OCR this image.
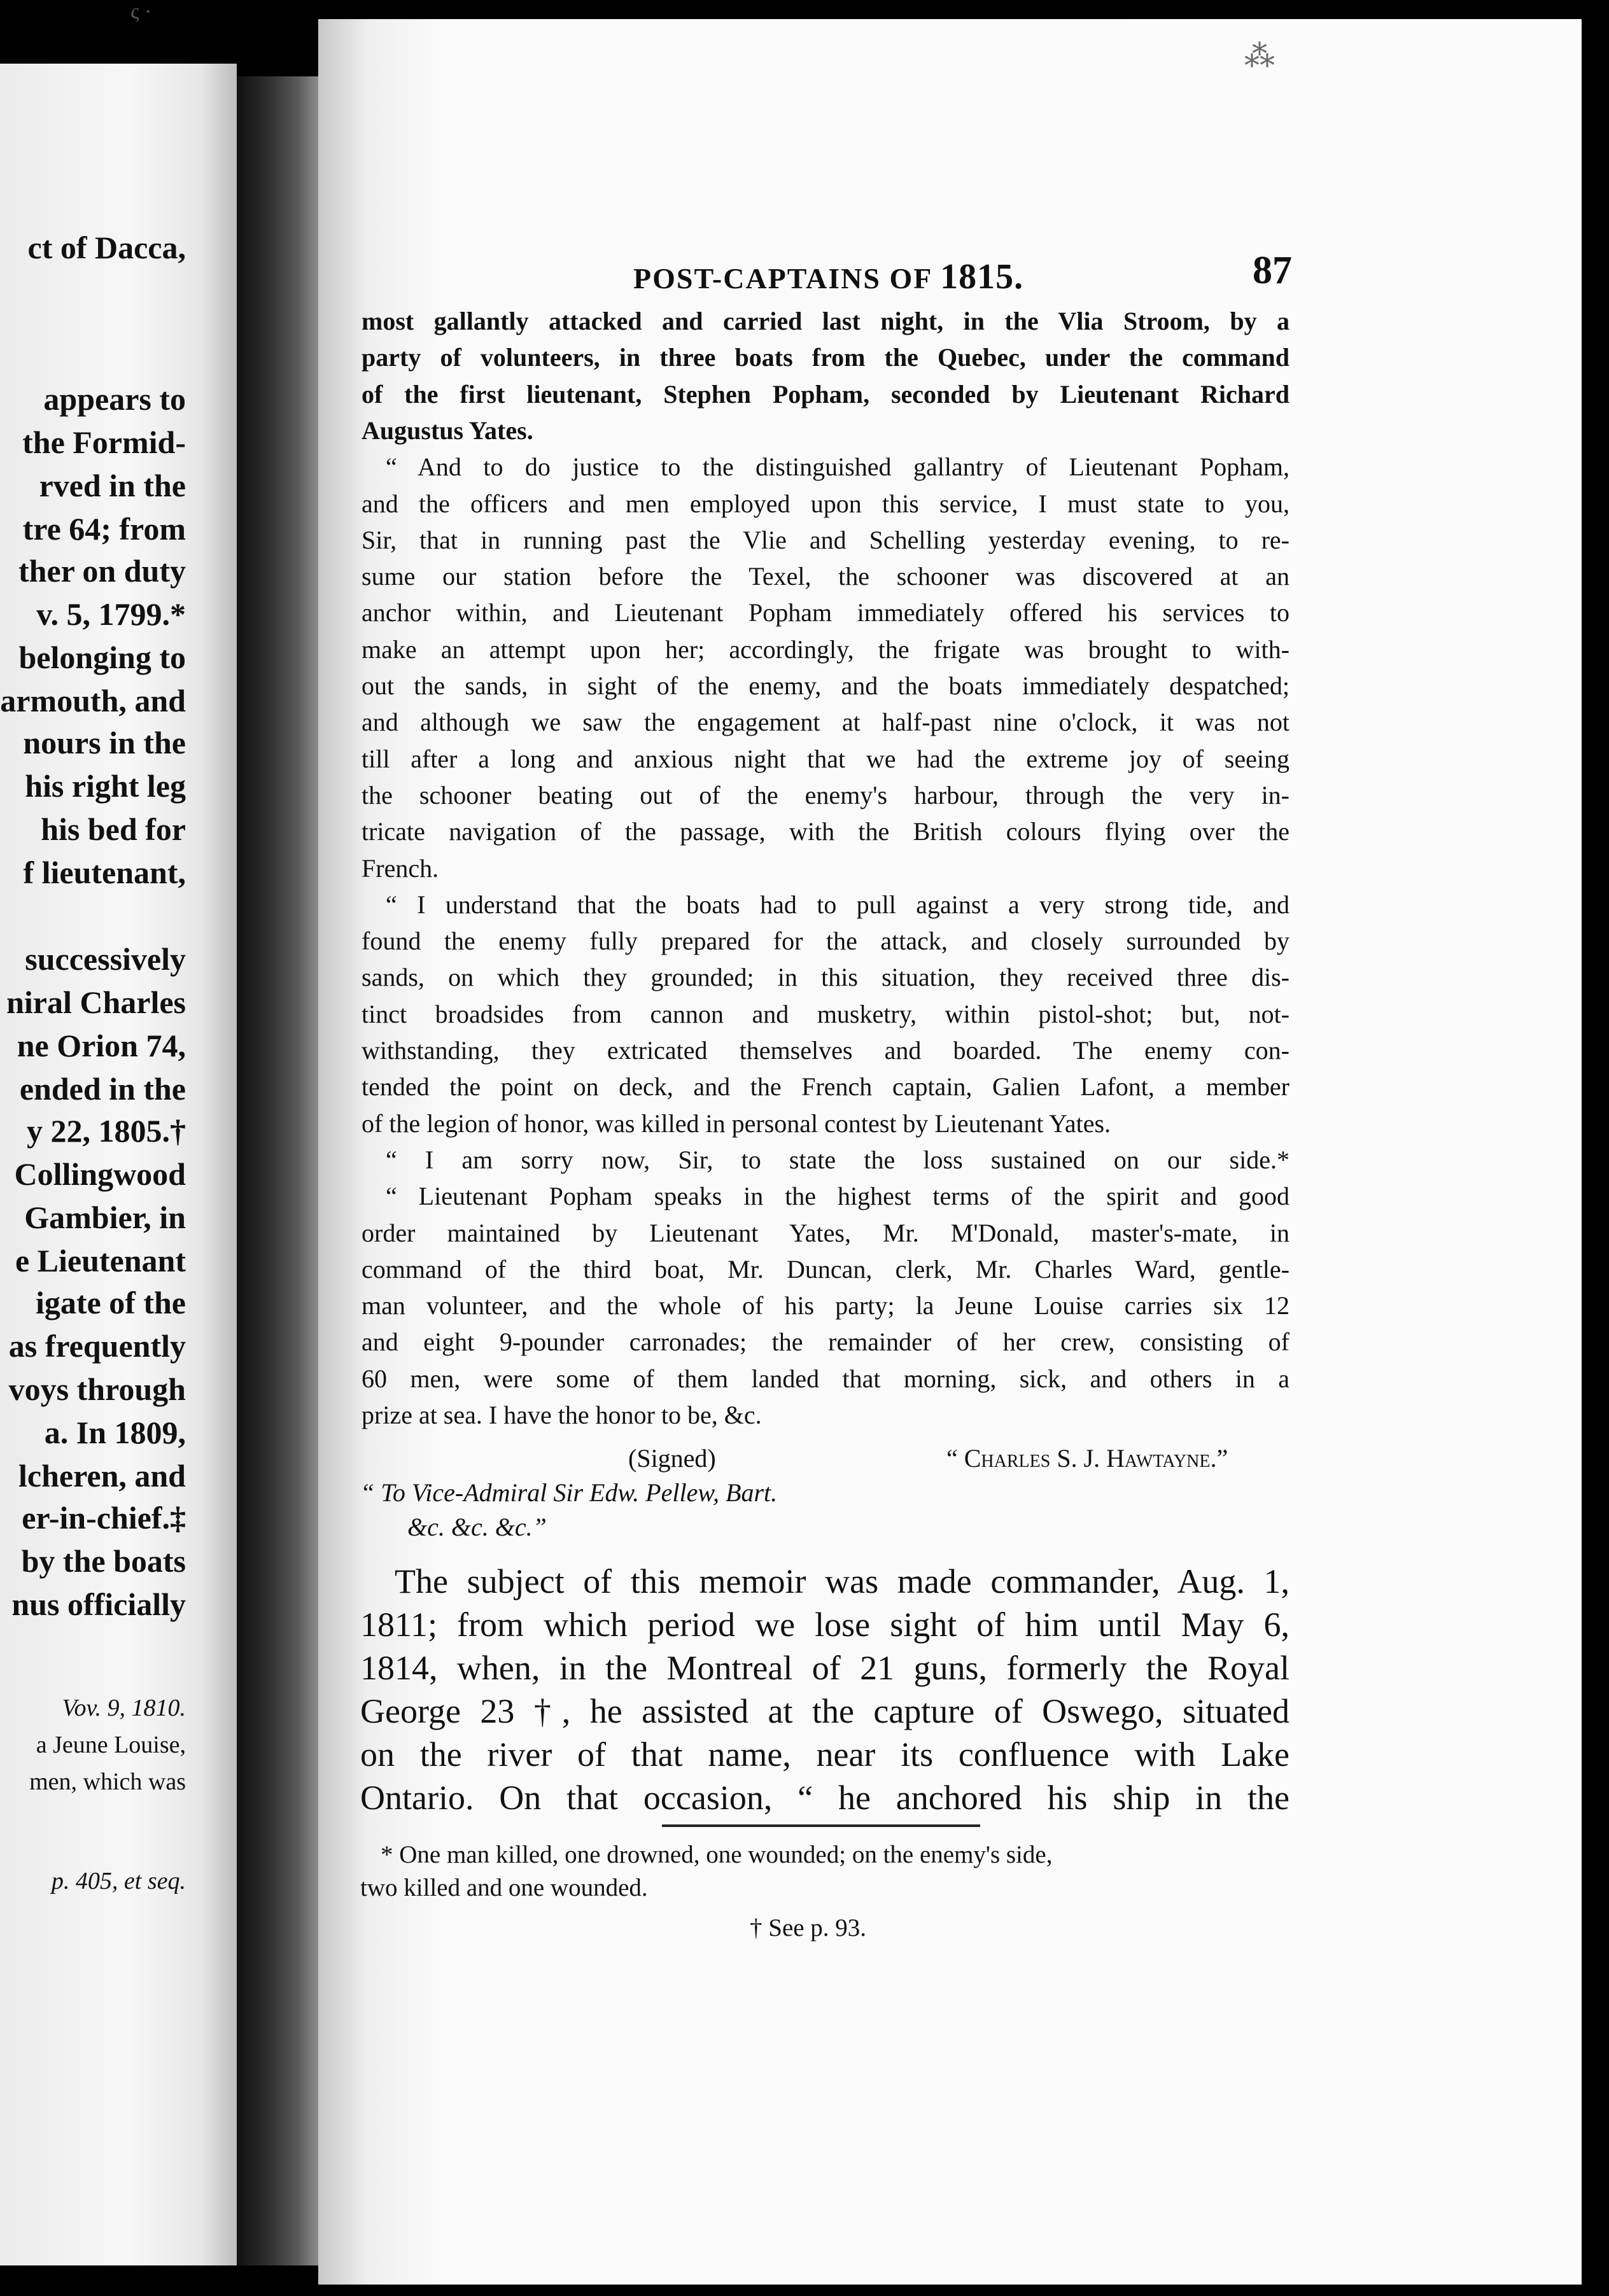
ς ·
ct of Dacca,
appears to
the Formid-
rved in the
tre 64; from
ther on duty
v. 5, 1799.*
belonging to
armouth, and
nours in the
his right leg
his bed for
f lieutenant,
successively
niral Charles
ne Orion 74,
ended in the
y 22, 1805.†
Collingwood
Gambier, in
e Lieutenant
igate of the
as frequently
voys through
a. In 1809,
lcheren, and
er-in-chief.‡
by the boats
nus officially
Vov. 9, 1810.
a Jeune Louise,
men, which was
p. 405, et seq.
⁂
POST-CAPTAINS OF 1815.	87
most gallantly attacked and carried last night, in the Vlia Stroom, by a
party of volunteers, in three boats from the Quebec, under the command
of the first lieutenant, Stephen Popham, seconded by Lieutenant Richard
Augustus Yates.
“ And to do justice to the distinguished gallantry of Lieutenant Popham,
and the officers and men employed upon this service, I must state to you,
Sir, that in running past the Vlie and Schelling yesterday evening, to re-
sume our station before the Texel, the schooner was discovered at an
anchor within, and Lieutenant Popham immediately offered his services to
make an attempt upon her; accordingly, the frigate was brought to with-
out the sands, in sight of the enemy, and the boats immediately despatched;
and although we saw the engagement at half-past nine o'clock, it was not
till after a long and anxious night that we had the extreme joy of seeing
the schooner beating out of the enemy's harbour, through the very in-
tricate navigation of the passage, with the British colours flying over the
French.
“ I understand that the boats had to pull against a very strong tide, and
found the enemy fully prepared for the attack, and closely surrounded by
sands, on which they grounded; in this situation, they received three dis-
tinct broadsides from cannon and musketry, within pistol-shot; but, not-
withstanding, they extricated themselves and boarded. The enemy con-
tended the point on deck, and the French captain, Galien Lafont, a member
of the legion of honor, was killed in personal contest by Lieutenant Yates.
“ I am sorry now, Sir, to state the loss sustained on our side.*
“ Lieutenant Popham speaks in the highest terms of the spirit and good
order maintained by Lieutenant Yates, Mr. M'Donald, master's-mate, in
command of the third boat, Mr. Duncan, clerk, Mr. Charles Ward, gentle-
man volunteer, and the whole of his party; la Jeune Louise carries six 12
and eight 9-pounder carronades; the remainder of her crew, consisting of
60 men, were some of them landed that morning, sick, and others in a
prize at sea. I have the honor to be, &c.
(Signed)	“ Charles S. J. Hawtayne.”
“ To Vice-Admiral Sir Edw. Pellew, Bart.
&c. &c. &c.”
The subject of this memoir was made commander, Aug. 1,
1811; from which period we lose sight of him until May 6,
1814, when, in the Montreal of 21 guns, formerly the Royal
George 23 †, he assisted at the capture of Oswego, situated
on the river of that name, near its confluence with Lake
Ontario. On that occasion, “ he anchored his ship in the
* One man killed, one drowned, one wounded; on the enemy's side,
two killed and one wounded.
† See p. 93.
